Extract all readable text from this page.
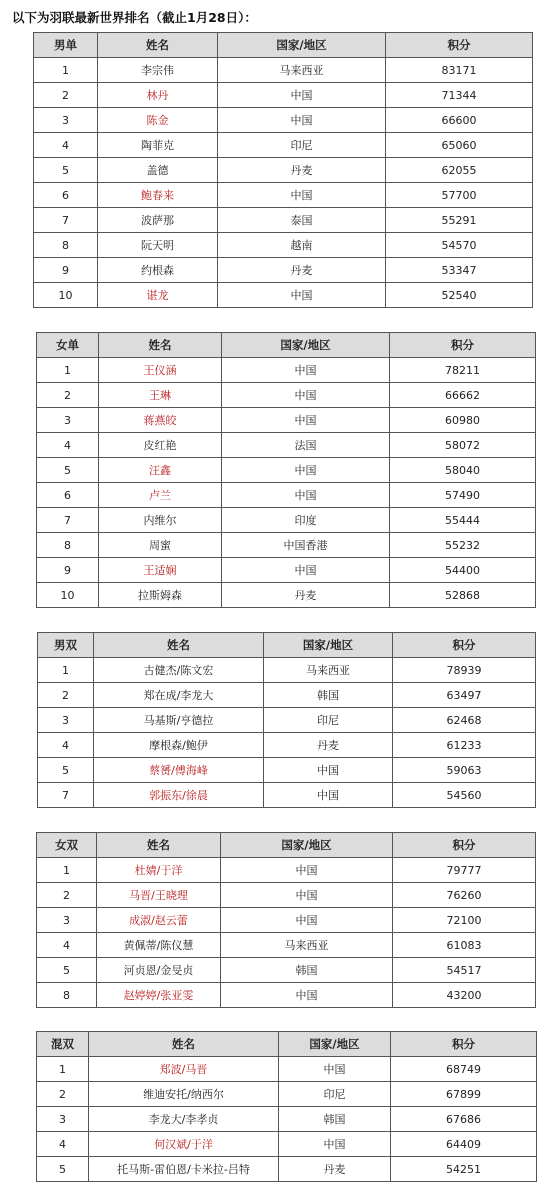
以下为羽联最新世界排名（截止1月28日）：
男单	姓名	国家/地区	积分
1	李宗伟	马来西亚	83171
2	林丹	中国	71344
3	陈金	中国	66600
4	陶菲克	印尼	65060
5	盖德	丹麦	62055
6	鲍春来	中国	57700
7	波萨那	泰国	55291
8	阮天明	越南	54570
9	约根森	丹麦	53347
10	谌龙	中国	52540
女单	姓名	国家/地区	积分
1	王仪涵	中国	78211
2	王琳	中国	66662
3	蒋燕皎	中国	60980
4	皮红艳	法国	58072
5	汪鑫	中国	58040
6	卢兰	中国	57490
7	内维尔	印度	55444
8	周蜜	中国香港	55232
9	王适娴	中国	54400
10	拉斯姆森	丹麦	52868
男双	姓名	国家/地区	积分
1	古健杰/陈文宏	马来西亚	78939
2	郑在成/李龙大	韩国	63497
3	马基斯/亨德拉	印尼	62468
4	摩根森/鲍伊	丹麦	61233
5	蔡赟/傅海峰	中国	59063
7	郭振东/徐晨	中国	54560
女双	姓名	国家/地区	积分
1	杜婧/于洋	中国	79777
2	马晋/王晓理	中国	76260
3	成淑/赵云蕾	中国	72100
4	黄佩蒂/陈仪慧	马来西亚	61083
5	河贞恩/金旻贞	韩国	54517
8	赵婷婷/张亚雯	中国	43200
混双	姓名	国家/地区	积分
1	郑波/马晋	中国	68749
2	维迪安托/纳西尔	印尼	67899
3	李龙大/李孝贞	韩国	67686
4	何汉斌/于洋	中国	64409
5	托马斯-雷伯恩/卡米拉-吕特	丹麦	54251
